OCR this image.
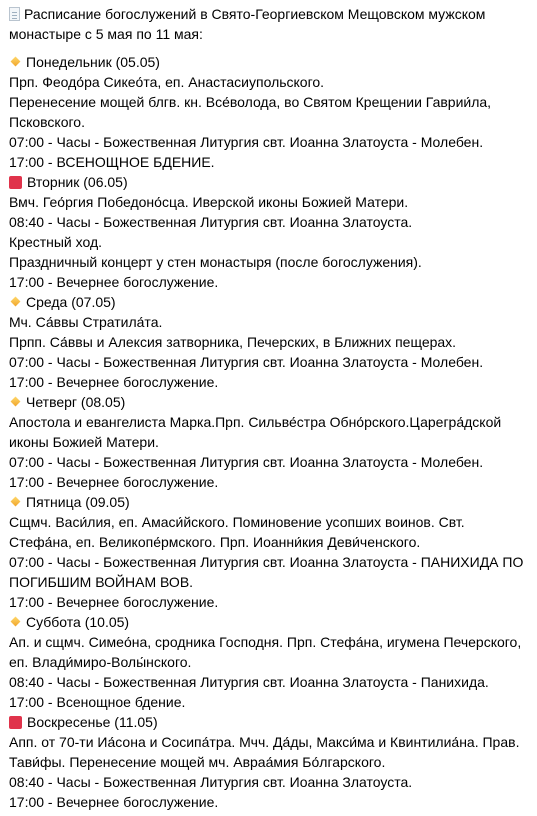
Расписание богослужений в Свято-Георгиевском Мещовском мужском
монастыре с 5 мая по 11 мая:
Понедельник (05.05)
Прп. Феодо́ра Сикео́та, еп. Анастасиупольского.
Перенесение мощей блгв. кн. Все́волода, во Святом Крещении Гаврии́ла,
Псковского.
07:00 - Часы - Божественная Литургия свт. Иоанна Златоуста - Молебен.
17:00 - ВСЕНОЩНОЕ БДЕНИЕ.
Вторник (06.05)
Вмч. Гео́ргия Победоно́сца. Иверской иконы Божией Матери.
08:40 - Часы - Божественная Литургия свт. Иоанна Златоуста.
Крестный ход.
Праздничный концерт у стен монастыря (после богослужения).
17:00 - Вечернее богослужение.
Среда (07.05)
Мч. Са́ввы Стратила́та.
Прпп. Са́ввы и Алексия затворника, Печерских, в Ближних пещерах.
07:00 - Часы - Божественная Литургия свт. Иоанна Златоуста - Молебен.
17:00 - Вечернее богослужение.
Четверг (08.05)
Апостола и евангелиста Марка.Прп. Сильве́стра Обно́рского.Царегра́дской
иконы Божией Матери.
07:00 - Часы - Божественная Литургия свт. Иоанна Златоуста - Молебен.
17:00 - Вечернее богослужение.
Пятница (09.05)
Сщмч. Васи́лия, еп. Амаси́йского. Поминовение усопших воинов. Свт.
Стефа́на, еп. Великопе́рмского. Прп. Иоанни́кия Деви́ченского.
07:00 - Часы - Божественная Литургия свт. Иоанна Златоуста - ПАНИХИДА ПО
ПОГИБШИМ ВОЙНАМ ВОВ.
17:00 - Вечернее богослужение.
Суббота (10.05)
Ап. и сщмч. Симео́на, сродника Господня. Прп. Стефа́на, игумена Печерского,
еп. Влади́миро-Волы́нского.
08:40 - Часы - Божественная Литургия свт. Иоанна Златоуста - Панихида.
17:00 - Всенощное бдение.
Воскресенье (11.05)
Апп. от 70-ти Иа́сона и Сосипа́тра. Мчч. Да́ды, Макси́ма и Квинтилиа́на. Прав.
Тави́фы. Перенесение мощей мч. Авраа́мия Бо́лгарского.
08:40 - Часы - Божественная Литургия свт. Иоанна Златоуста.
17:00 - Вечернее богослужение.
